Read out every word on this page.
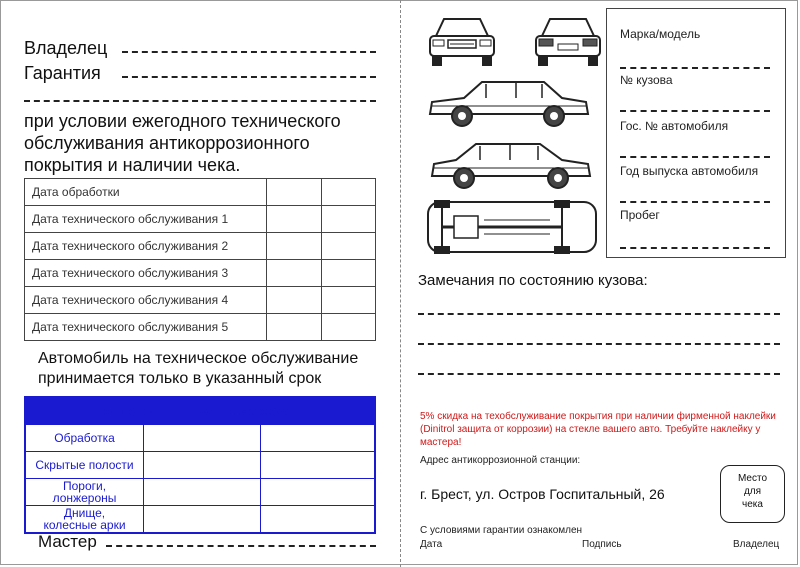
Владелец
Гарантия
при условии ежегодного технического обслуживания антикоррозионного покрытия и наличии чека.
Дата обработки		
Дата технического обслуживания 1		
Дата технического обслуживания 2		
Дата технического обслуживания 3		
Дата технического обслуживания 4		
Дата технического обслуживания 5		
Автомобиль на техническое обслуживание принимается только в указанный срок
Применены следующие материалы		
Обработка		
Скрытые полости		
Пороги, лонжероны		
Днище, колесные арки		
Мастер
Марка/модель
№ кузова
Гос. № автомобиля
Год выпуска автомобиля
Пробег
Замечания по состоянию кузова:
5% скидка на техобслуживание покрытия при наличии фирменной наклейки (Dinitrol защита от коррозии) на стекле вашего авто. Требуйте наклейку у мастера!
Адрес антикоррозионной станции:
г. Брест, ул. Остров Госпитальный, 26
Место для чека
С условиями гарантии ознакомлен
Дата	Подпись	Владелец
